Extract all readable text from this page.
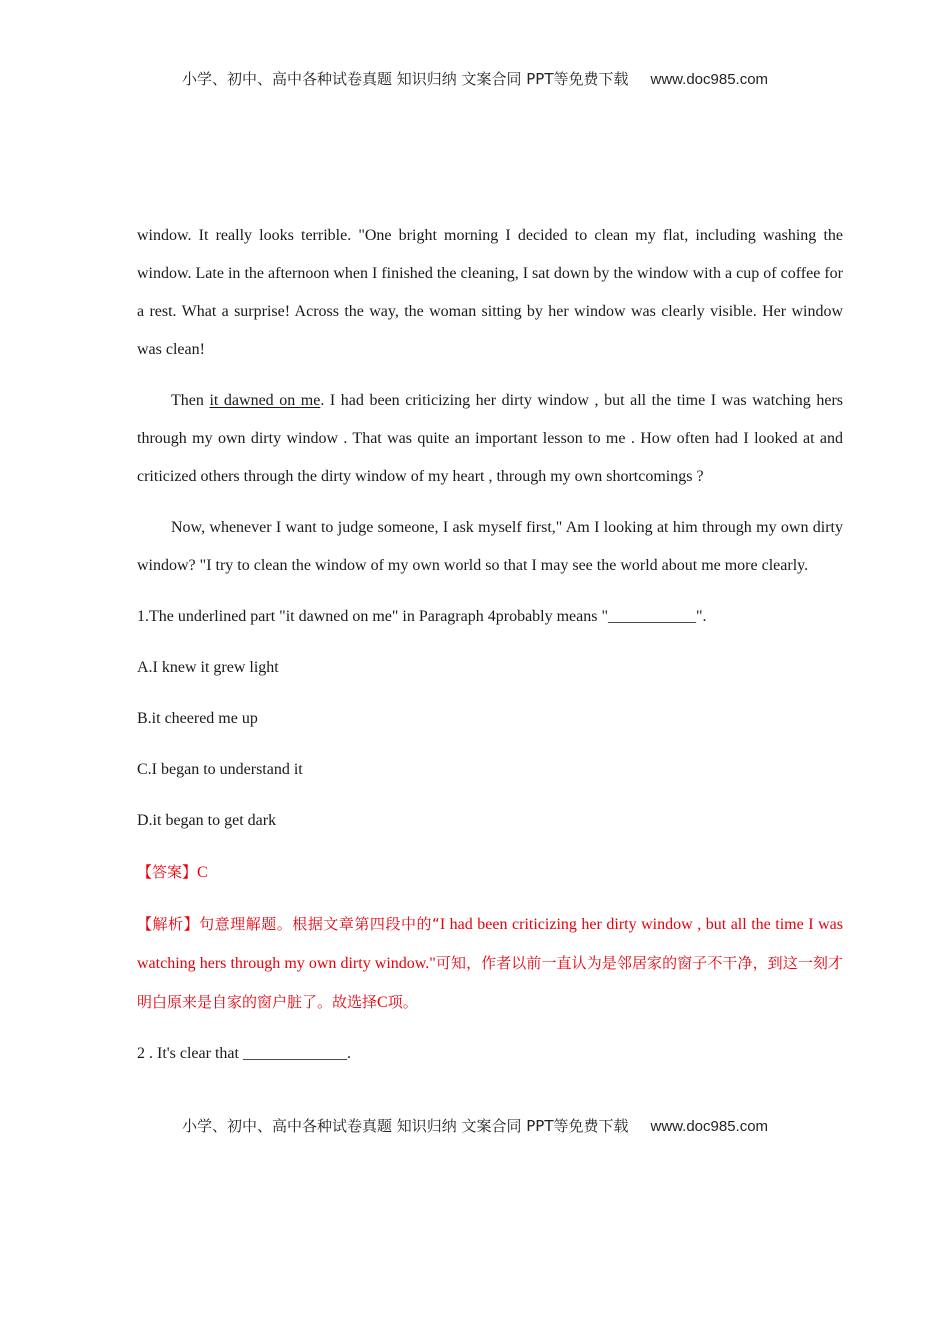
小学、初中、高中各种试卷真题 知识归纳 文案合同 PPT等免费下载 www.doc985.com

window. It really looks terrible. "One bright morning I decided to clean my flat, including washing the window. Late in the afternoon when I finished the cleaning, I sat down by the window with a cup of coffee for a rest. What a surprise! Across the way, the woman sitting by her window was clearly visible. Her window was clean!

Then it dawned on me. I had been criticizing her dirty window , but all the time I was watching hers through my own dirty window . That was quite an important lesson to me . How often had I looked at and criticized others through the dirty window of my heart , through my own shortcomings ?

Now, whenever I want to judge someone, I ask myself first," Am I looking at him through my own dirty window? "I try to clean the window of my own world so that I may see the world about me more clearly.

1.The underlined part "it dawned on me" in Paragraph 4probably means "___________".

A.I knew it grew light

B.it cheered me up

C.I began to understand it

D.it began to get dark

【答案】C

【解析】句意理解题。根据文章第四段中的“I had been criticizing her dirty window , but all the time I was watching hers through my own dirty window."可知，作者以前一直认为是邻居家的窗子不干净，到这一刻才明白原来是自家的窗户脏了。故选择C项。

2 . It's clear that _____________.

小学、初中、高中各种试卷真题 知识归纳 文案合同 PPT等免费下载 www.doc985.com
